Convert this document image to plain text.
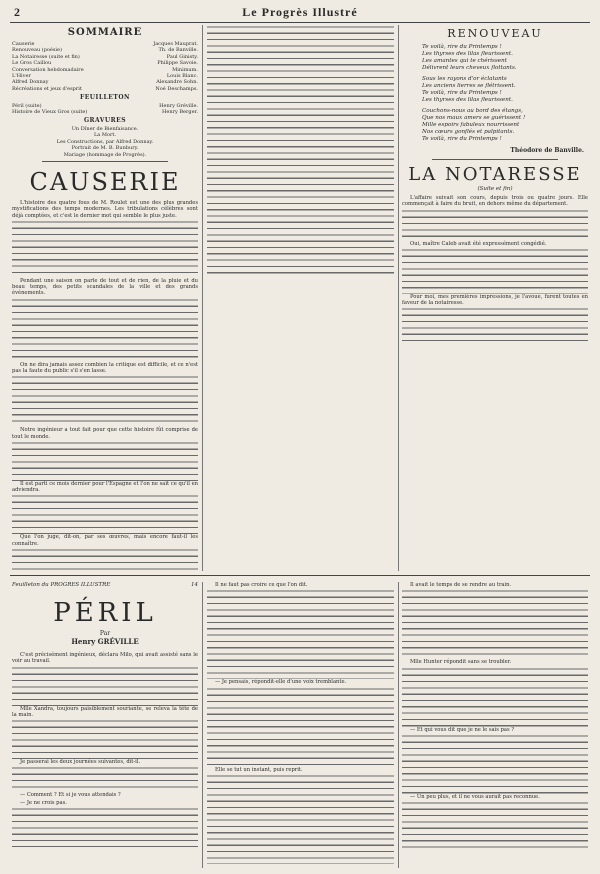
2	Le Progrès Illustré
SOMMAIRE
Causerie	Jacques Mauprat.
Renouveau (poésie)	Th. de Banville.
La Notairesse (suite et fin)	Paul Ginisty.
Le Gros Caillou	Philippe Savoie.
Conversation hebdomadaire	Minimum.
L'Hiver	Louis Blanc.
Alfred Donnay	Alexandre Sohn.
Récréations et jeux d'esprit	Noé Deschamps.
FEUILLETON
Péril (suite)	Henry Gréville.
Histoire de Vieux Gros (suite)	Henry Berger.
GRAVURES
Un Dîner de Bienfaisance.
La Mort.
Les Constructions, par Alfred Donnay.
Portrait de M. B. Bunbury.
Mariage (hommage de Progrès).
CAUSERIE

L'histoire des quatre fous de M. Roulet est une des plus grandes mystifications des temps modernes. Les tribulations célèbres sont déjà comptées, et c'est le dernier mot qui semble le plus juste.

Pendant une saison on parle de tout et de rien, de la pluie et du beau temps, des petits scandales de la ville et des grands événements.

On ne dira jamais assez combien la critique est difficile, et ce n'est pas la faute du public s'il s'en lasse.

Notre ingénieur a tout fait pour que cette histoire fût comprise de tout le monde.

Il est parti ce mois dernier pour l'Espagne et l'on ne sait ce qu'il en adviendra.

Que l'on juge, dit-on, par ses œuvres, mais encore faut-il les connaître.

RENOUVEAU
Te voilà, rire du Printemps !
Les thyrses des lilas fleurissent.
Les amantes qui te chérissent
Délivrent leurs cheveux flottants.
Sous les rayons d'or éclatants
Les anciens lierres se flétrissent.
Te voilà, rire du Printemps !
Les thyrses des lilas fleurissent.
Couchons-nous au bord des étangs,
Que nos maux amers se guérissent !
Mille espoirs fabuleux nourrissent
Nos cœurs gonflés et palpitants.
Te voilà, rire du Printemps !
Théodore de Banville.
LA NOTARESSE
(Suite et fin)

L'affaire suivait son cours, depuis trois ou quatre jours. Elle commençait à faire du bruit, en dehors même du département.

Oui, maître Caleb avait été expressément congédié.

Pour moi, mes premières impressions, je l'avoue, furent toutes en faveur de la notairesse.

Feuilleton du PROGRÈS ILLUSTRÉ	14
PÉRIL
Par
Henry GRÉVILLE

C'est précisément ingénieux, déclara Milo, qui avait assisté sans le voir au travail.

Mlle Xandra, toujours paisiblement souriante, se releva la tête de la main.

Je passerai les deux journées suivantes, dit-il.

— Comment ? Et si je vous attendais ?

— Je ne crois pas.

Il ne faut pas croire ce que l'on dit.

— Je pensais, répondit-elle d'une voix tremblante.

Elle se tut un instant, puis reprit.

Il avait le temps de se rendre au train.

Mlle Hunter répondit sans se troubler.

— Et qui vous dit que je ne le sais pas ?

— Un peu plus, et il ne vous aurait pas reconnue.
